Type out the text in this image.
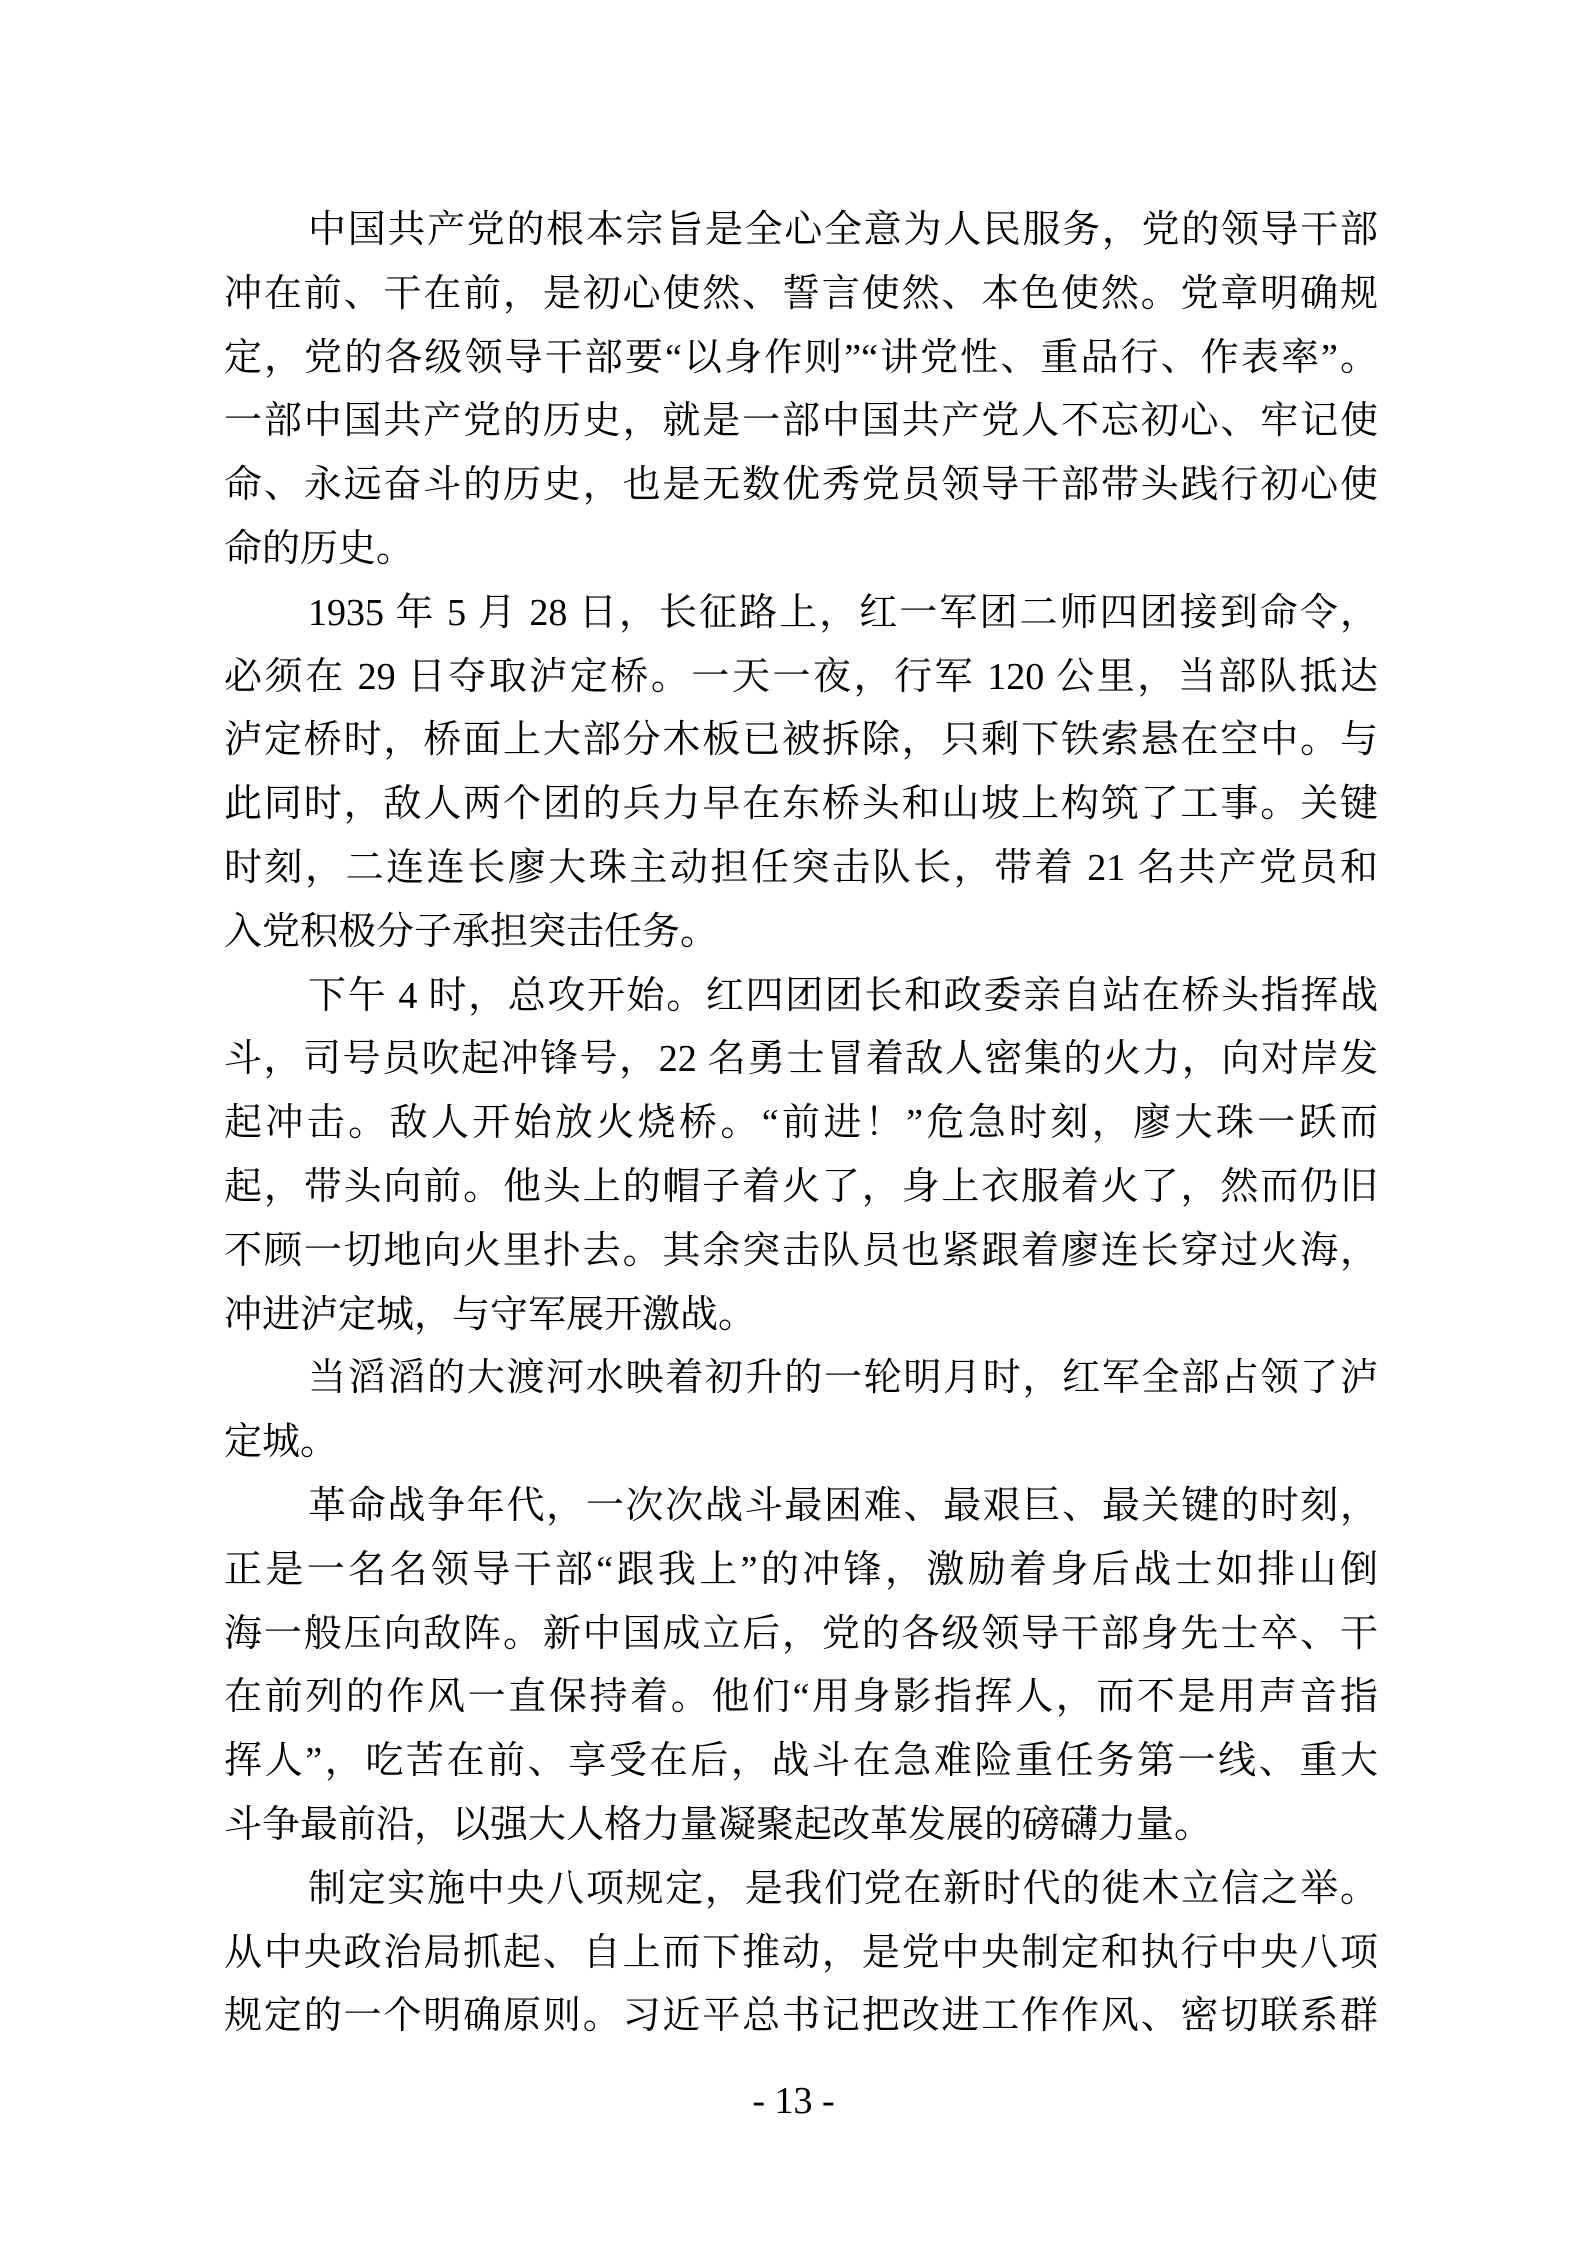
中国共产党的根本宗旨是全心全意为人民服务，党的领导干部
冲在前、干在前，是初心使然、誓言使然、本色使然。党章明确规
定，党的各级领导干部要“以身作则”“讲党性、重品行、作表率”。
一部中国共产党的历史，就是一部中国共产党人不忘初心、牢记使
命、永远奋斗的历史，也是无数优秀党员领导干部带头践行初心使
命的历史。

1935 年 5 月 28 日，长征路上，红一军团二师四团接到命令，
必须在 29 日夺取泸定桥。一天一夜，行军 120 公里，当部队抵达
泸定桥时，桥面上大部分木板已被拆除，只剩下铁索悬在空中。与
此同时，敌人两个团的兵力早在东桥头和山坡上构筑了工事。关键
时刻，二连连长廖大珠主动担任突击队长，带着 21 名共产党员和
入党积极分子承担突击任务。

下午 4 时，总攻开始。红四团团长和政委亲自站在桥头指挥战
斗，司号员吹起冲锋号，22 名勇士冒着敌人密集的火力，向对岸发
起冲击。敌人开始放火烧桥。“前进！”危急时刻，廖大珠一跃而
起，带头向前。他头上的帽子着火了，身上衣服着火了，然而仍旧
不顾一切地向火里扑去。其余突击队员也紧跟着廖连长穿过火海，
冲进泸定城，与守军展开激战。

当滔滔的大渡河水映着初升的一轮明月时，红军全部占领了泸
定城。

革命战争年代，一次次战斗最困难、最艰巨、最关键的时刻，
正是一名名领导干部“跟我上”的冲锋，激励着身后战士如排山倒
海一般压向敌阵。新中国成立后，党的各级领导干部身先士卒、干
在前列的作风一直保持着。他们“用身影指挥人，而不是用声音指
挥人”，吃苦在前、享受在后，战斗在急难险重任务第一线、重大
斗争最前沿，以强大人格力量凝聚起改革发展的磅礴力量。

制定实施中央八项规定，是我们党在新时代的徙木立信之举。
从中央政治局抓起、自上而下推动，是党中央制定和执行中央八项
规定的一个明确原则。习近平总书记把改进工作作风、密切联系群

- 13 -
